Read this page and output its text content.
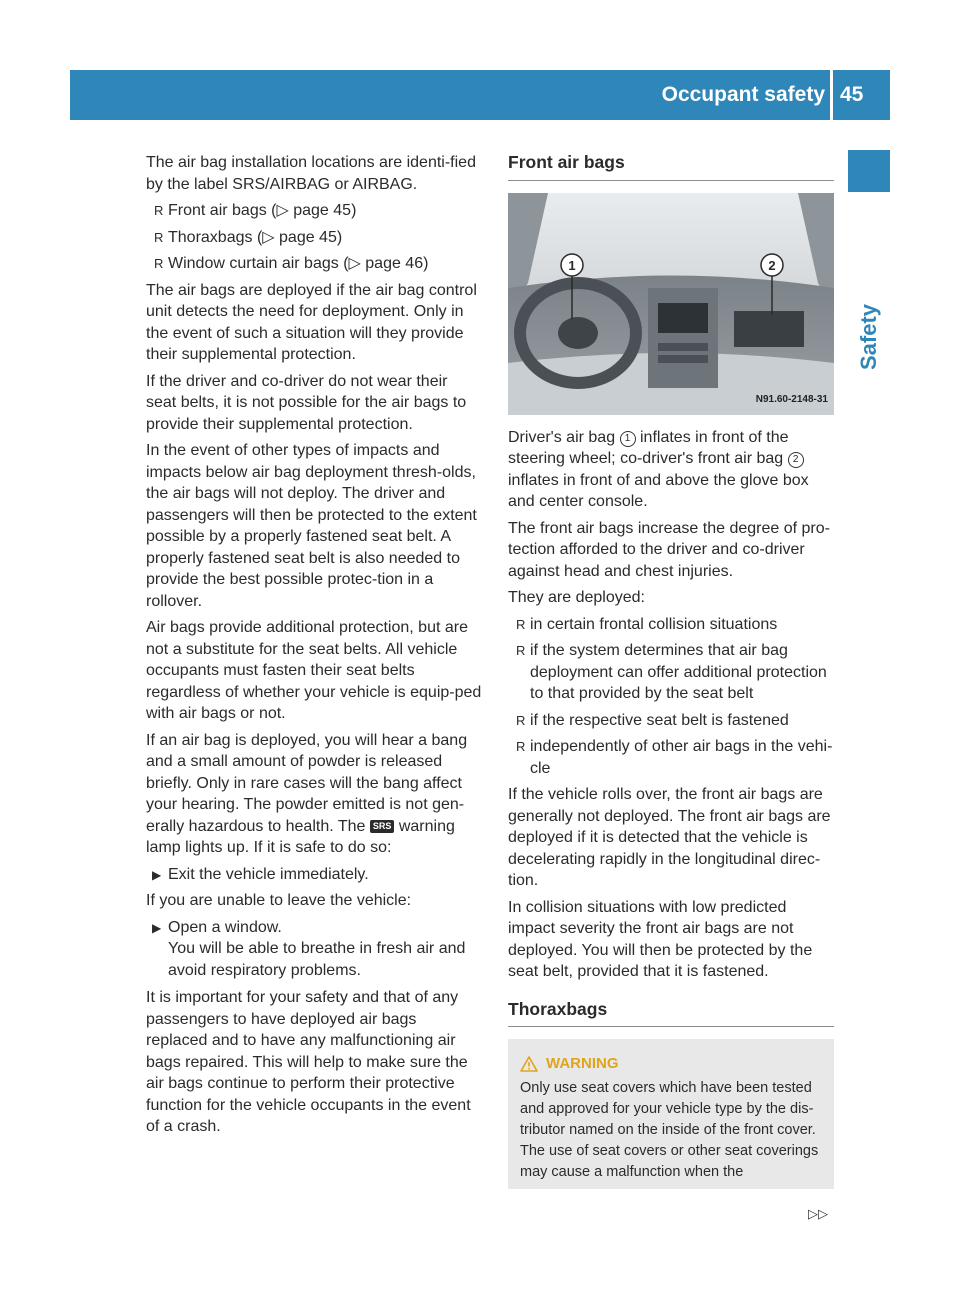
Occupant safety 45
Safety

The air bag installation locations are identi-fied by the label SRS/AIRBAG or AIRBAG.

R Front air bags (▷ page 45)
R Thoraxbags (▷ page 45)
R Window curtain air bags (▷ page 46)

The air bags are deployed if the air bag control unit detects the need for deployment. Only in the event of such a situation will they provide their supplemental protection.

If the driver and co-driver do not wear their seat belts, it is not possible for the air bags to provide their supplemental protection.

In the event of other types of impacts and impacts below air bag deployment thresh-olds, the air bags will not deploy. The driver and passengers will then be protected to the extent possible by a properly fastened seat belt. A properly fastened seat belt is also needed to provide the best possible protec-tion in a rollover.

Air bags provide additional protection, but are not a substitute for the seat belts. All vehicle occupants must fasten their seat belts regardless of whether your vehicle is equip-ped with air bags or not.

If an air bag is deployed, you will hear a bang and a small amount of powder is released briefly. Only in rare cases will the bang affect your hearing. The powder emitted is not gen-erally hazardous to health. The SRS warning lamp lights up. If it is safe to do so:

▶ Exit the vehicle immediately.

If you are unable to leave the vehicle:

▶ Open a window.
You will be able to breathe in fresh air and avoid respiratory problems.

It is important for your safety and that of any passengers to have deployed air bags replaced and to have any malfunctioning air bags repaired. This will help to make sure the air bags continue to perform their protective function for the vehicle occupants in the event of a crash.

Front air bags
1	2
N91.60-2148-31

Driver's air bag 1 inflates in front of the steering wheel; co-driver's front air bag 2 inflates in front of and above the glove box and center console.

The front air bags increase the degree of pro-tection afforded to the driver and co-driver against head and chest injuries.

They are deployed:

R in certain frontal collision situations
R if the system determines that air bag deployment can offer additional protection to that provided by the seat belt
R if the respective seat belt is fastened
R independently of other air bags in the vehi-cle

If the vehicle rolls over, the front air bags are generally not deployed. The front air bags are deployed if it is detected that the vehicle is decelerating rapidly in the longitudinal direc-tion.

In collision situations with low predicted impact severity the front air bags are not deployed. You will then be protected by the seat belt, provided that it is fastened.

Thoraxbags
WARNING
Only use seat covers which have been tested and approved for your vehicle type by the dis-tributor named on the inside of the front cover. The use of seat covers or other seat coverings may cause a malfunction when the
▷▷
